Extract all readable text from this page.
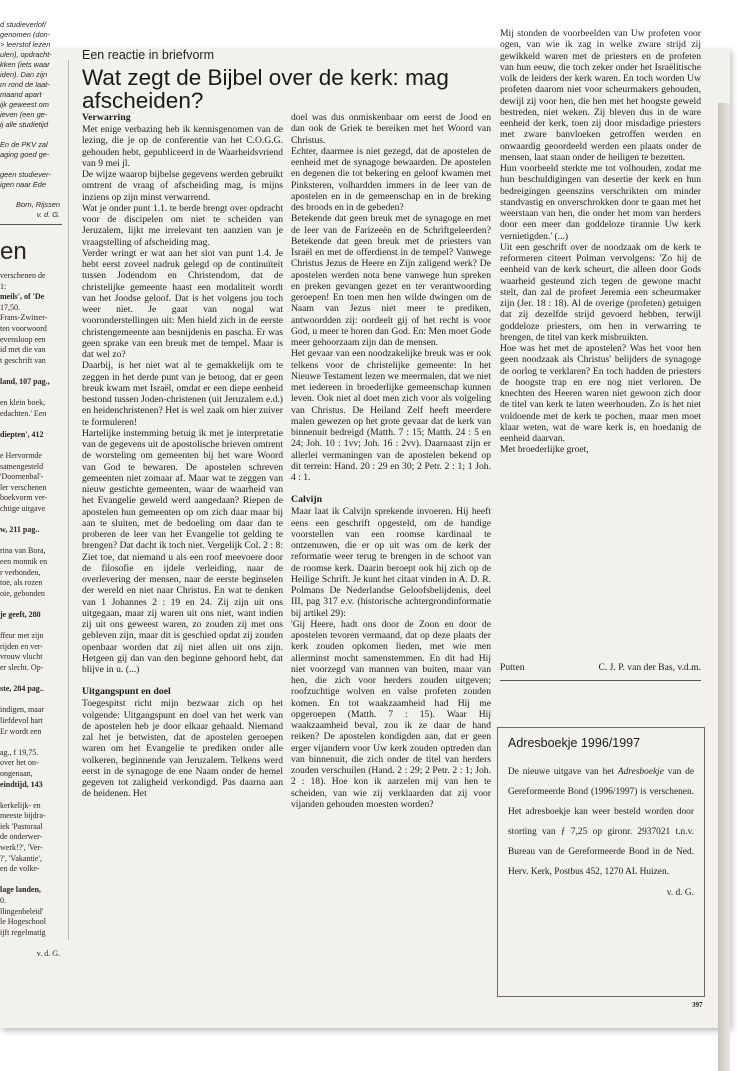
d studieverlof/

genomen (don-

> leerstof lezen

ulen), opdracht-

kken (iets waar

iden). Dan zijn

m rond de laat-

maand apart

ijk geweest om

ieven (een ge-

ij alle studietijd

En de PKV zal

aging goed ge-

geen studiever-

igen naar Ede

Born, Rijssen

v. d. G.

en

verschenen de

1:

meils', of 'De

17,50.

Frans-Zwitser-

ten voorwoord

evensloop een

id met die van

t geschrift van

land, 107 pag.,

en klein boek,

edachten.' Een

diepten', 412

e Hervormde

samengesteld

'Doornenbal'-

ler verschenen

boekvorm ver-

chtige uitgave

w, 211 pag..

rina van Bora,

een monnik en

r verbonden,

toe, als rozen

oie, gebonden

je geeft, 280

ffeur met zijn

rijden en ver-

vrouw vlucht

er slecht. Op-

ste, 284 pag..

indigen, maar

liefdevol hart

Er wordt een

ag., f 19,75.

over het on-

ongenaan,

eindtijd, 143

kerkelijk- en

meeste bijdra-

iek 'Pastoraal

de onderwer-

werk!?', 'Ver-

?', 'Vakantie',

en de volke-

lage landen,

0.

llingenbeleid'

le Hogeschool

ijft regelmatig

v. d. G.

Een reactie in briefvorm
Wat zegt de Bijbel over de kerk: mag afscheiden?
Verwarring

Met enige verbazing heb ik kennisgenomen van de lezing, die je op de conferentie van het C.O.G.G. gehouden hebt, gepubliceerd in de Waarheidsvriend van 9 mei jl.

De wijze waarop bijbelse gegevens werden gebruikt omtrent de vraag of afscheiding mag, is mijns inziens op zijn minst verwarrend.

Wat je onder punt 1.1. te berde brengt over opdracht voor de discipelen om niet te scheiden van Jeruzalem, lijkt me irrelevant ten aanzien van je vraagstelling of afscheiding mag.

Verder wringt er wat aan het slot van punt 1.4. Je hebt eerst zoveel nadruk gelegd op de continuïteit tussen Jodendom en Christendom, dat de christelijke gemeente haast een modaliteit wordt van het Joodse geloof. Dat is het volgens jou toch weer niet. Je gaat van nogal wat vooronderstellingen uit: Men hield zich in de eerste christengemeente aan besnijdenis en pascha. Er was geen sprake van een breuk met de tempel. Maar is dat wel zo?

Daarbij, is het niet wat al te gemakkelijk om te zeggen in het derde punt van je betoog, dat er geen breuk kwam met Israël, omdat er een diepe eenheid bestond tussen Joden-christenen (uit Jeruzalem e.d.) en heidenchristenen? Het is wel zaak om hier zuiver te formuleren!

Hartelijke instemming betuig ik met je interpretatie van de gegevens uit de apostolische brieven omtrent de worsteling om gemeenten bij het ware Woord van God te bewaren. De apostelen schreven gemeenten niet zomaar af. Maar wat te zeggen van nieuw gestichte gemeenten, waar de waarheid van het Evangelie geweld werd aangedaan? Riepen de apostelen hun gemeenten op om zich daar maar bij aan te sluiten, met de bedoeling om daar dan te proberen de leer van het Evangelie tot gelding te brengen? Dat dacht ik toch niet. Vergelijk Col. 2 : 8: Ziet toe, dat niemand u als een roof meevoere door de filosofie en ijdele verleiding, naar de overlevering der mensen, naar de eerste beginselen der wereld en niet naar Christus. En wat te denken van 1 Johannes 2 : 19 en 24. Zij zijn uit ons uitgegaan, maar zij waren uit ons niet, want indien zij uit ons geweest waren, zo zouden zij met ons gebleven zijn, maar dit is geschied opdat zij zouden openbaar worden dat zij niet allen uit ons zijn. Hetgeen gij dan van den beginne gehoord hebt, dat blijve in u. (...)

Uitgangspunt en doel

Toegespitst richt mijn bezwaar zich op het volgende: Uitgangspunt en doel van het werk van de apostelen heb je door elkaar gehaald. Niemand zal het je betwisten, dat de apostelen geroepen waren om het Evangelie te prediken onder alle volkeren, beginnende van Jeruzalem. Telkens werd eerst in de synagoge de ene Naam onder de hemel gegeven tot zaligheid verkondigd. Pas daarna aan de heidenen. Het

doel was dus onmiskenbaar om eerst de Jood en dan ook de Griek te bereiken met het Woord van Christus.

Echter, daarmee is niet gezegd, dat de apostelen de eenheid met de synagoge bewaarden. De apostelen en degenen die tot bekering en geloof kwamen met Pinksteren, volhardden immers in de leer van de apostelen en in de gemeenschap en in de breking des broods en in de gebeden?

Betekende dat geen breuk met de synagoge en met de leer van de Farizeeën en de Schriftgeleerden? Betekende dat geen breuk met de priesters van Israël en met de offerdienst in de tempel? Vanwege Christus Jezus de Heere en Zijn zaligend werk? De apostelen werden nota bene vanwege hun spreken en preken gevangen gezet en ter verantwoording geroepen! En toen men hen wilde dwingen om de Naam van Jezus niet meer te prediken, antwoordden zij: oordeelt gij of het recht is voor God, u meer te horen dan God. En: Men moet Gode meer gehoorzaam zijn dan de mensen.

Het gevaar van een noodzakelijke breuk was er ook telkens voor de christelijke gemeente: In het Nieuwe Testament lezen we meermalen, dat we niet met iedereen in broederlijke gemeenschap kunnen leven. Ook niet al doet men zich voor als volgeling van Christus. De Heiland Zelf heeft meerdere malen gewezen op het grote gevaar dat de kerk van binnenuit bedreigd (Matth. 7 : 15; Matth. 24 : 5 en 24; Joh. 10 : 1vv; Joh. 16 : 2vv). Daarnaast zijn er allerlei vermaningen van de apostelen bekend op dit terrein: Hand. 20 : 29 en 30; 2 Petr. 2 : 1; 1 Joh. 4 : 1.

Calvijn

Maar laat ik Calvijn sprekende invoeren. Hij heeft eens een geschrift opgesteld, om de handige voorstellen van een roomse kardinaal te ontzenuwen, die er op uit was om de kerk der reformatie weer terug te brengen in de schoot van de roomse kerk. Daarin beroept ook hij zich op de Heilige Schrift. Je kunt het citaat vinden in A. D. R. Polmans De Nederlandse Geloofsbelijdenis, deel III, pag 317 e.v. (historische achtergrondinformatie bij artikel 29):

'Gij Heere, hadt ons door de Zoon en door de apostelen tevoren vermaand, dat op deze plaats der kerk zouden opkomen lieden, met wie men allerminst mocht samenstemmen. En dit had Hij niet voorzegd van mannen van buiten, maar van hen, die zich voor herders zouden uitgeven; roofzuchtige wolven en valse profeten zouden komen. En tot waakzaamheid had Hij me opgeroepen (Matth. 7 : 15). Waar Hij waakzaamheid beval, zou ik ze daar de hand reiken? De apostelen kondigden aan, dat er geen erger vijandern voor Uw kerk zouden optreden dan van binnenuit, die zich onder de titel van herders zouden verschuilen (Hand. 2 : 29; 2 Petr. 2 : 1; Joh. 2 : 18). Hoe kon ik aarzelen mij van hen te scheiden, van wie zij verklaarden dat zij voor vijanden gehouden moesten worden?

Mij stonden de voorbeelden van Uw profeten voor ogen, van wie ik zag in welke zware strijd zij gewikkeld waren met de priesters en de profeten van hun eeuw, die toch zeker onder het Israëlitische volk de leiders der kerk waren. En toch worden Uw profeten daarom niet voor scheurmakers gehouden, dewijl zij voor hen, die hen met het hoogste geweld bestreden, niet weken. Zij bleven dus in de ware eenheid der kerk, toen zij door misdadige priesters met zware banvloeken getroffen werden en onwaardig geoordeeld werden een plaats onder de mensen, laat staan onder de heiligen te bezetten.

Hun voorbeeld sterkte me tot volhouden, zodat me hun beschuldigingen van desertie der kerk en hun bedreigingen geenszins verschrikten om minder standvastig en onverschrokken door te gaan met het weerstaan van hen, die onder het mom van herders door een meer dan goddeloze tirannie Uw kerk vernietigden.' (...)

Uit een geschrift over de noodzaak om de kerk te reformeren citeert Polman vervolgens: 'Zo hij de eenheid van de kerk scheurt, die alleen door Gods waarheid gesteund zich tegen de gewone macht stelt, dan zal de profeet Jeremia een scheurmaker zijn (Jer. 18 : 18). Al de overige (profeten) getuigen dat zij dezelfde strijd gevoerd hebben, terwijl goddeloze priesters, om hen in verwarring te brengen, de titel van kerk misbruikten.

Hoe was het met de apostelen? Was het voor hen geen noodzaak als Christus' belijders de synagoge de oorlog te verklaren? En toch hadden de priesters de hoogste trap en ere nog niet verloren. De knechten des Heeren waren niet gewoon zich door de titel van kerk te laten weerhouden. Zo is het niet voldoende met de kerk te pochen, maar men moet klaar weten, wat de ware kerk is, en hoedanig de eenheid daarvan.

Met broederlijke groet,

Putten	C. J. P. van der Bas, v.d.m.
Adresboekje 1996/1997
De nieuwe uitgave van het Adresboekje van de Gereformeerde Bond (1996/1997) is verschenen. Het adresboekje kan weer besteld worden door storting van ƒ 7,25 op gironr. 2937021 t.n.v. Bureau van de Gereformeerde Bond in de Ned. Herv. Kerk, Postbus 452, 1270 AL Huizen.
v. d. G.
397
